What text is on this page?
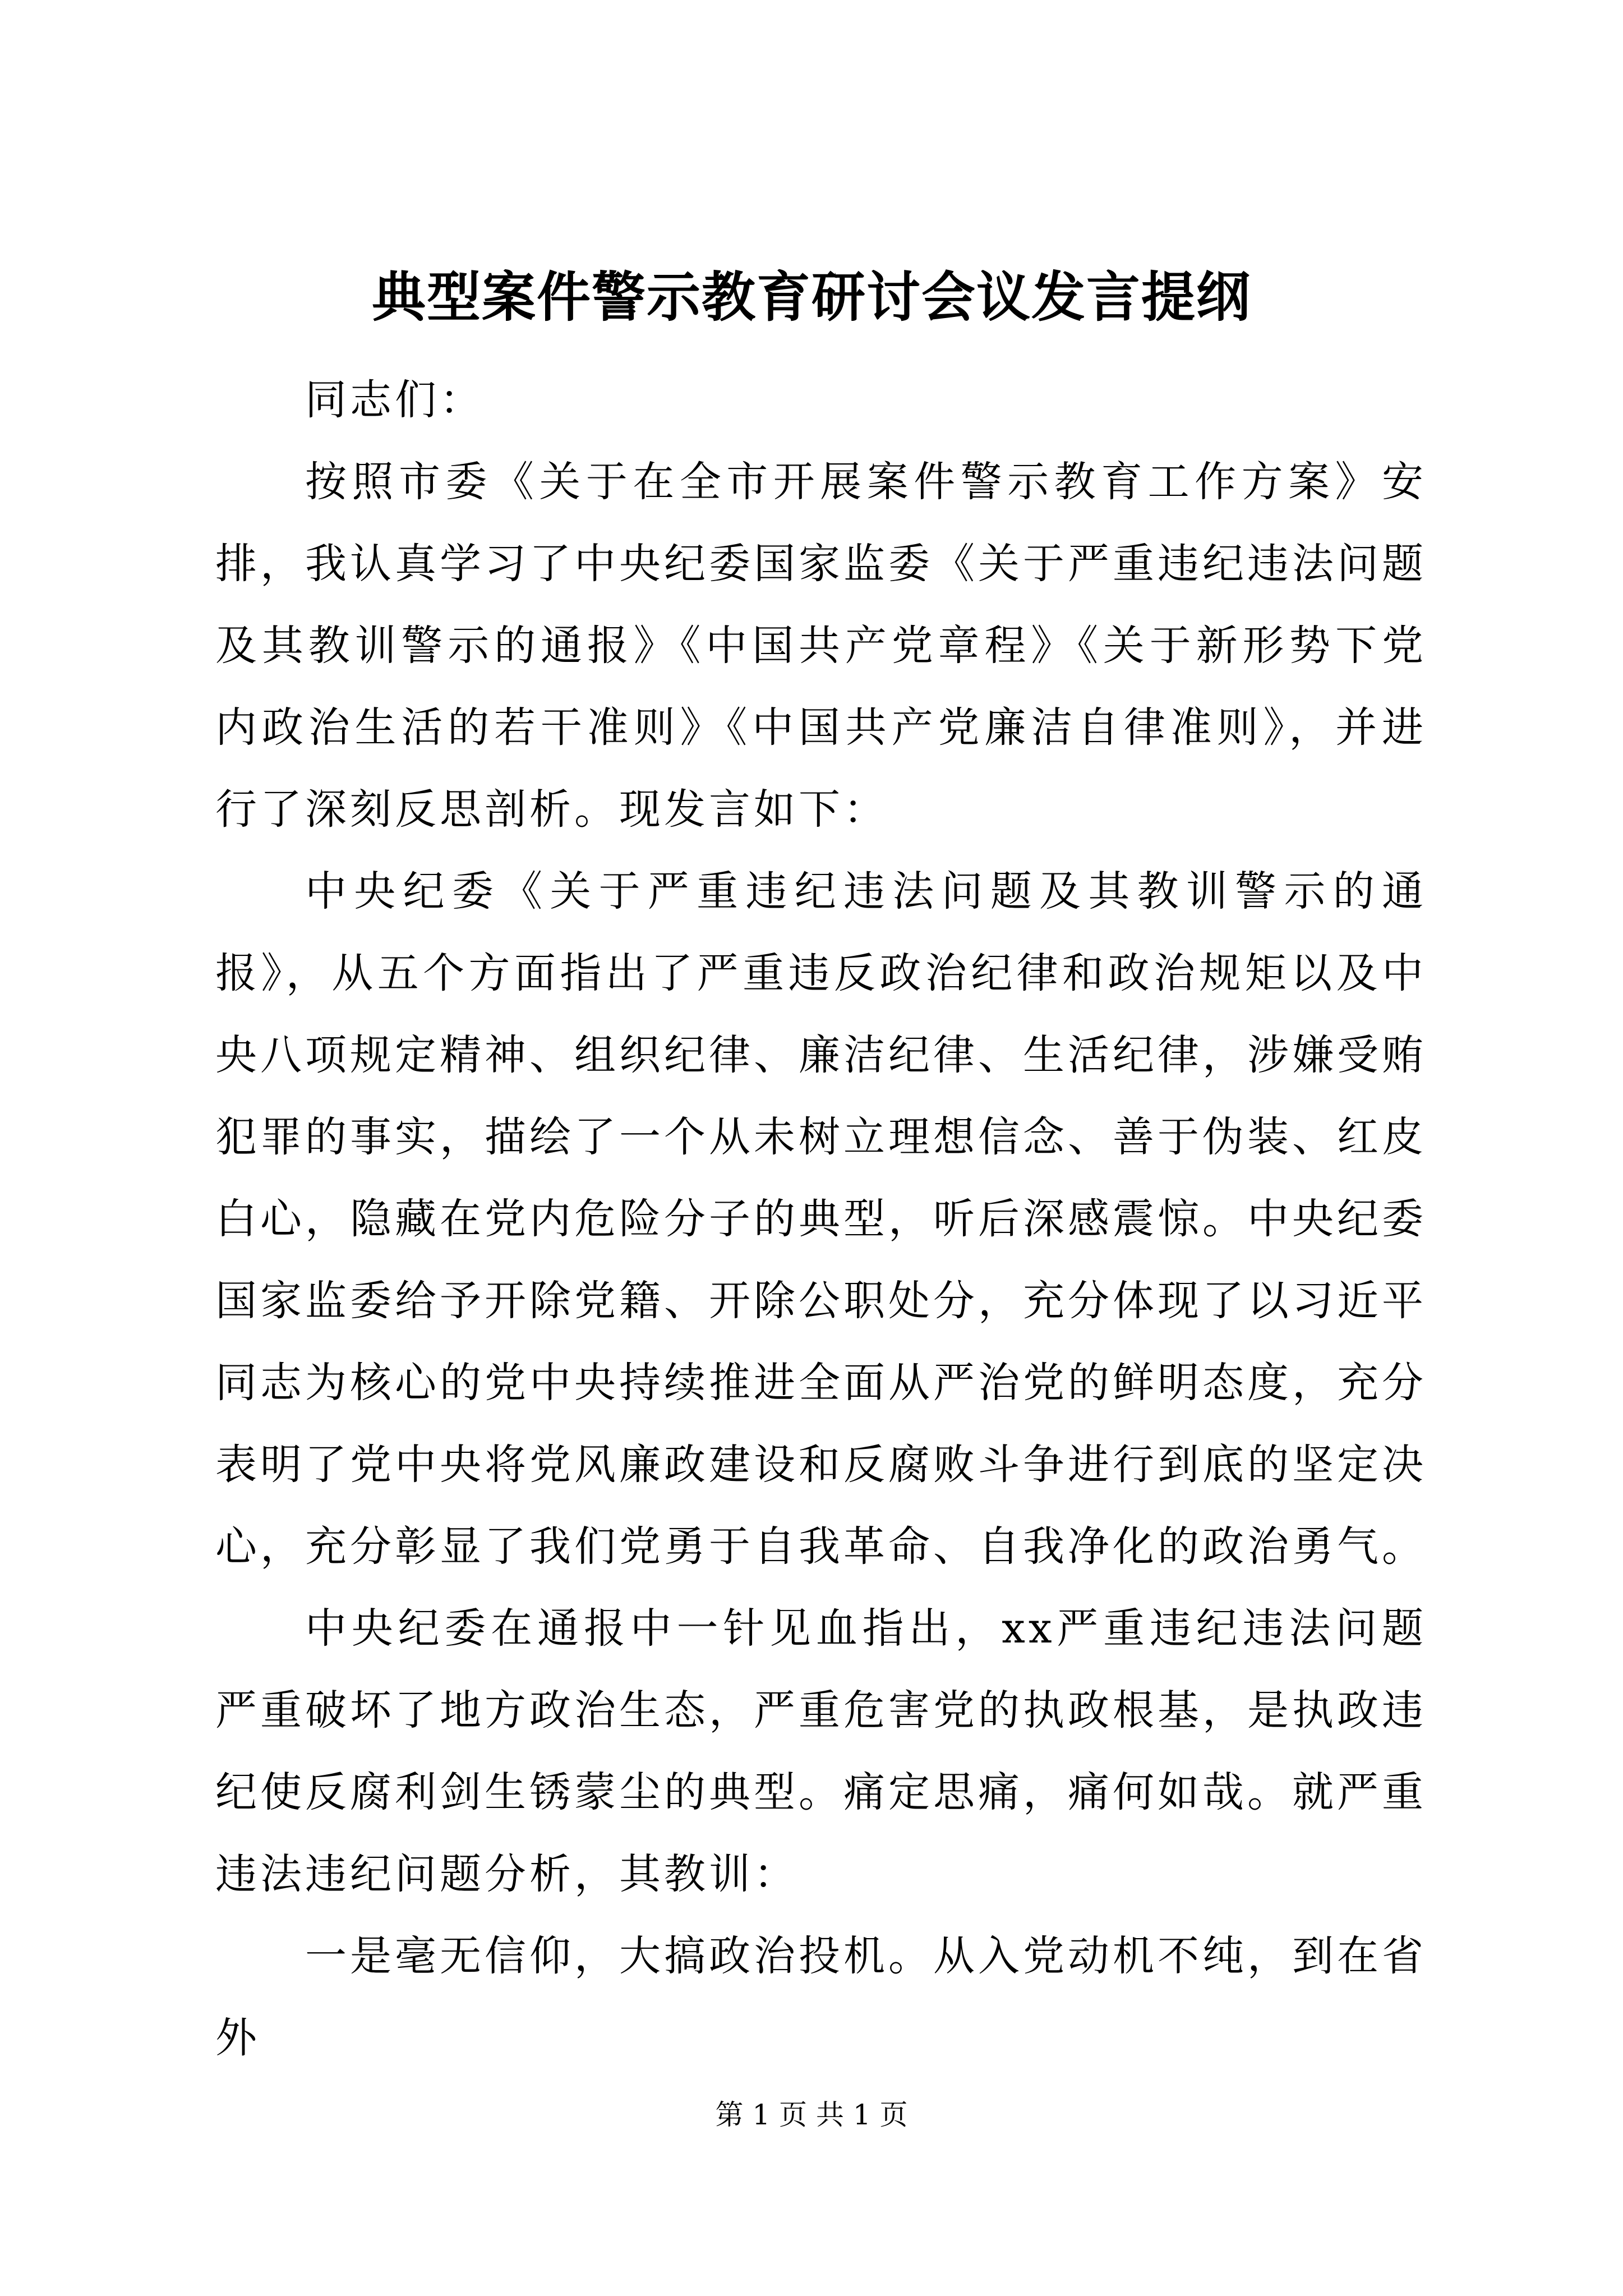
典型案件警示教育研讨会议发言提纲

同志们：

按照市委《关于在全市开展案件警示教育工作方案》安排，我认真学习了中央纪委国家监委《关于严重违纪违法问题及其教训警示的通报》《中国共产党章程》《关于新形势下党内政治生活的若干准则》《中国共产党廉洁自律准则》，并进行了深刻反思剖析。现发言如下：

中央纪委《关于严重违纪违法问题及其教训警示的通报》，从五个方面指出了严重违反政治纪律和政治规矩以及中央八项规定精神、组织纪律、廉洁纪律、生活纪律，涉嫌受贿犯罪的事实，描绘了一个从未树立理想信念、善于伪装、红皮白心，隐藏在党内危险分子的典型，听后深感震惊。中央纪委国家监委给予开除党籍、开除公职处分，充分体现了以习近平同志为核心的党中央持续推进全面从严治党的鲜明态度，充分表明了党中央将党风廉政建设和反腐败斗争进行到底的坚定决心，充分彰显了我们党勇于自我革命、自我净化的政治勇气。

中央纪委在通报中一针见血指出，xx严重违纪违法问题严重破坏了地方政治生态，严重危害党的执政根基，是执政违纪使反腐利剑生锈蒙尘的典型。痛定思痛，痛何如哉。就严重违法违纪问题分析，其教训：

一是毫无信仰，大搞政治投机。从入党动机不纯，到在省外

第 1 页 共 1 页
